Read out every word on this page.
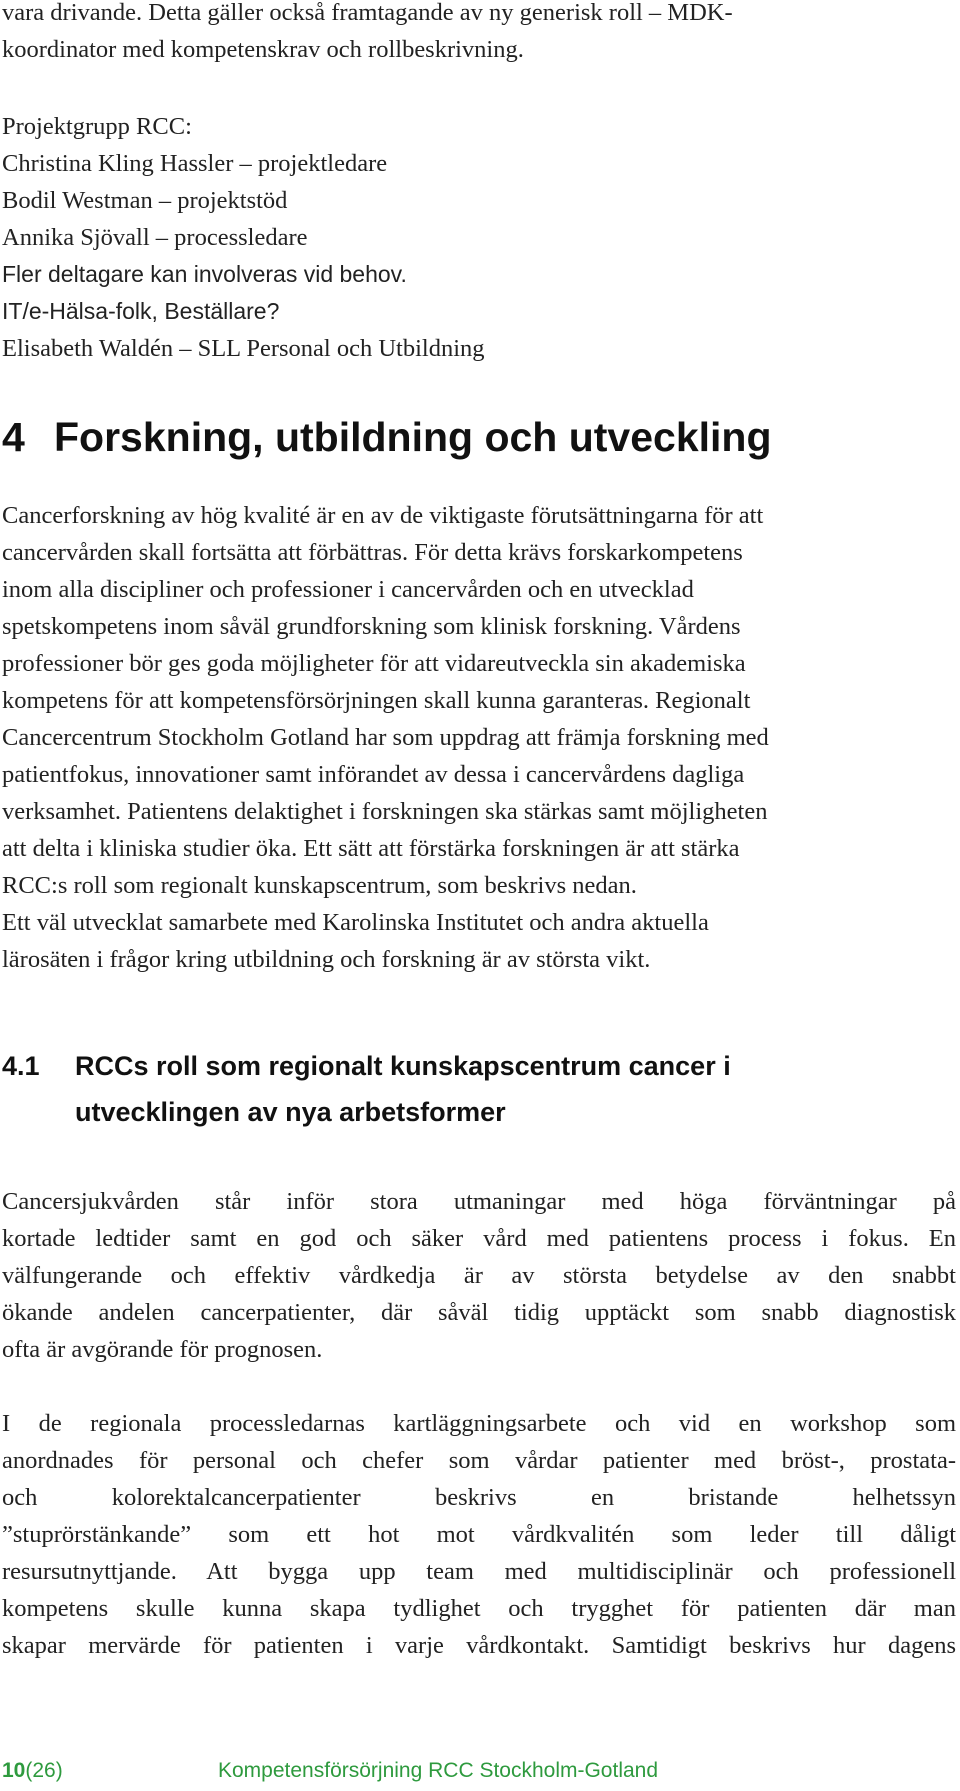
vara drivande. Detta gäller också framtagande av ny generisk roll – MDK-

koordinator med kompetenskrav och rollbeskrivning.

Projektgrupp RCC:
Christina Kling Hassler – projektledare
Bodil Westman – projektstöd
Annika Sjövall – processledare
Fler deltagare kan involveras vid behov.
IT/e-Hälsa-folk, Beställare?
Elisabeth Waldén – SLL Personal och Utbildning
4 Forskning, utbildning och utveckling
Cancerforskning av hög kvalité är en av de viktigaste förutsättningarna för att
cancervården skall fortsätta att förbättras. För detta krävs forskarkompetens
inom alla discipliner och professioner i cancervården och en utvecklad
spetskompetens inom såväl grundforskning som klinisk forskning. Vårdens
professioner bör ges goda möjligheter för att vidareutveckla sin akademiska
kompetens för att kompetensförsörjningen skall kunna garanteras. Regionalt
Cancercentrum Stockholm Gotland har som uppdrag att främja forskning med
patientfokus, innovationer samt införandet av dessa i cancervårdens dagliga
verksamhet. Patientens delaktighet i forskningen ska stärkas samt möjligheten
att delta i kliniska studier öka. Ett sätt att förstärka forskningen är att stärka
RCC:s roll som regionalt kunskapscentrum, som beskrivs nedan.
Ett väl utvecklat samarbete med Karolinska Institutet och andra aktuella
lärosäten i frågor kring utbildning och forskning är av största vikt.
4.1 RCCs roll som regionalt kunskapscentrum cancer i
utvecklingen av nya arbetsformer
Cancersjukvården står inför stora utmaningar med höga förväntningar på
kortade ledtider samt en god och säker vård med patientens process i fokus. En
välfungerande och effektiv vårdkedja är av största betydelse av den snabbt
ökande andelen cancerpatienter, där såväl tidig upptäckt som snabb diagnostisk
ofta är avgörande för prognosen.
I de regionala processledarnas kartläggningsarbete och vid en workshop som
anordnades för personal och chefer som vårdar patienter med bröst-, prostata-
och kolorektalcancerpatienter beskrivs en bristande helhetssyn
”stuprörstänkande” som ett hot mot vårdkvalitén som leder till dåligt
resursutnyttjande. Att bygga upp team med multidisciplinär och professionell
kompetens skulle kunna skapa tydlighet och trygghet för patienten där man
skapar mervärde för patienten i varje vårdkontakt. Samtidigt beskrivs hur dagens
10(26)	Kompetensförsörjning RCC Stockholm-Gotland
